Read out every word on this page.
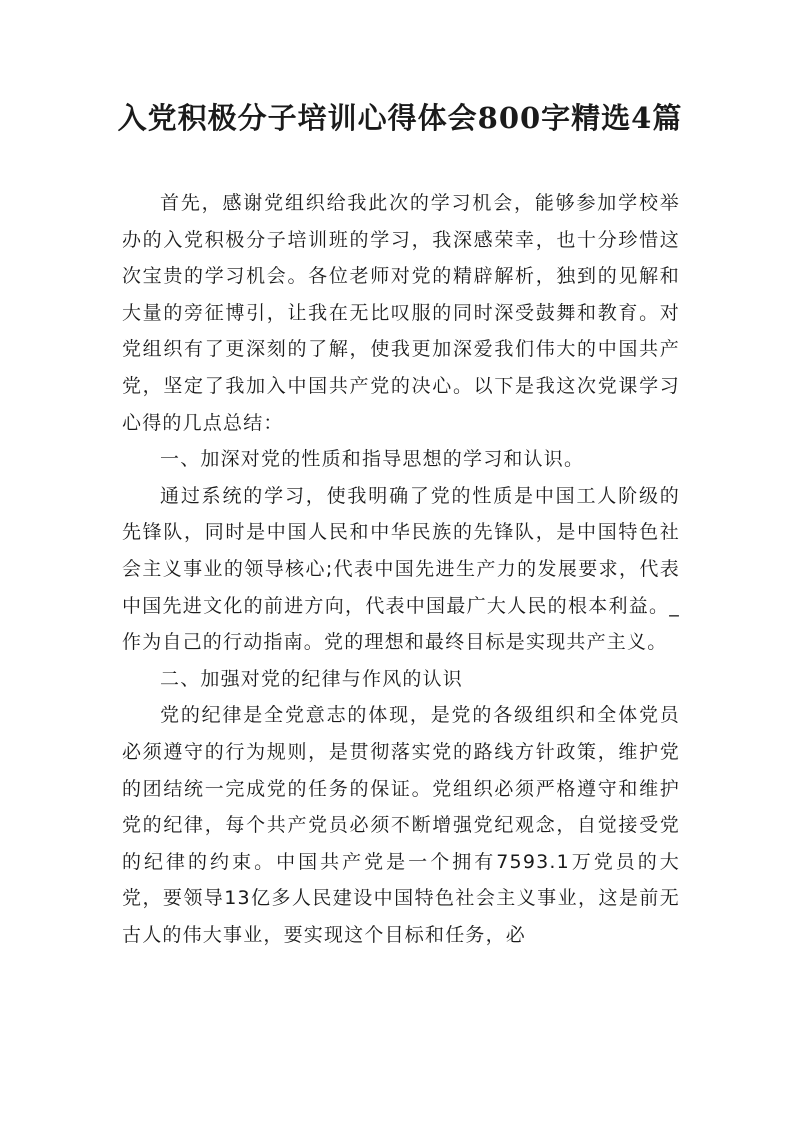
入党积极分子培训心得体会800字精选4篇

首先，感谢党组织给我此次的学习机会，能够参加学校举办的入党积极分子培训班的学习，我深感荣幸，也十分珍惜这次宝贵的学习机会。各位老师对党的精辟解析，独到的见解和大量的旁征博引，让我在无比叹服的同时深受鼓舞和教育。对党组织有了更深刻的了解，使我更加深爱我们伟大的中国共产党，坚定了我加入中国共产党的决心。以下是我这次党课学习心得的几点总结：

一、加深对党的性质和指导思想的学习和认识。

通过系统的学习，使我明确了党的性质是中国工人阶级的先锋队，同时是中国人民和中华民族的先锋队，是中国特色社会主义事业的领导核心;代表中国先进生产力的发展要求，代表中国先进文化的前进方向，代表中国最广大人民的根本利益。_作为自己的行动指南。党的理想和最终目标是实现共产主义。

二、加强对党的纪律与作风的认识

党的纪律是全党意志的体现，是党的各级组织和全体党员必须遵守的行为规则，是贯彻落实党的路线方针政策，维护党的团结统一完成党的任务的保证。党组织必须严格遵守和维护党的纪律，每个共产党员必须不断增强党纪观念，自觉接受党的纪律的约束。中国共产党是一个拥有7593.1万党员的大党，要领导13亿多人民建设中国特色社会主义事业，这是前无古人的伟大事业，要实现这个目标和任务，必
